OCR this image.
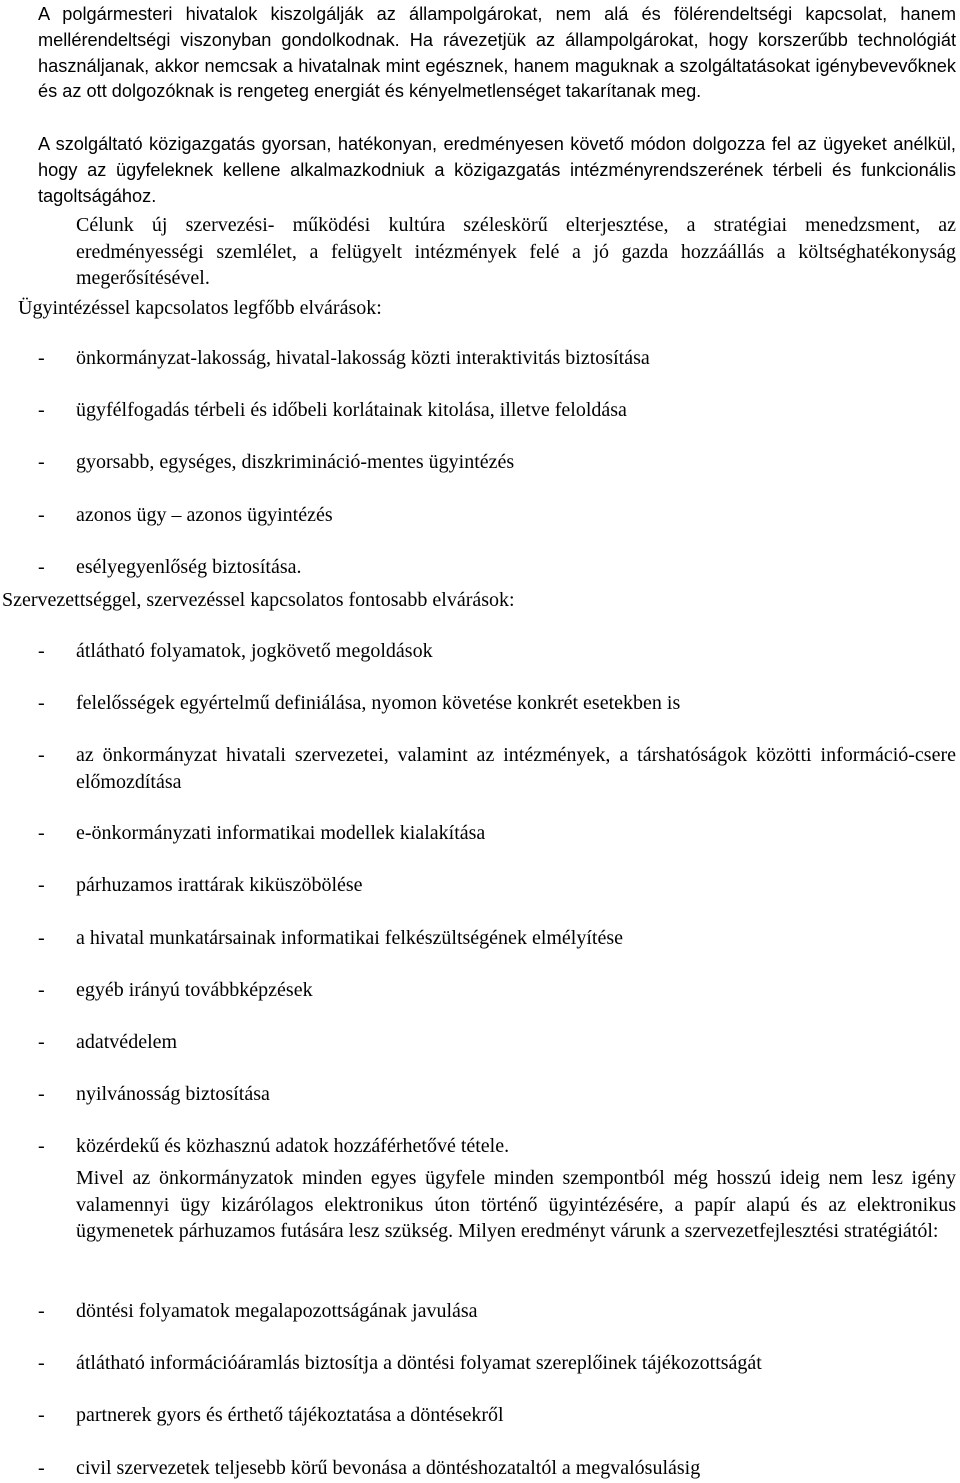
A polgármesteri hivatalok kiszolgálják az állampolgárokat, nem alá és fölérendeltségi kapcsolat, hanem mellérendeltségi viszonyban gondolkodnak. Ha rávezetjük az állampolgárokat, hogy korszerűbb technológiát használjanak, akkor nemcsak a hivatalnak mint egésznek, hanem maguknak a szolgáltatásokat igénybevevőknek és az ott dolgozóknak is rengeteg energiát és kényelmetlenséget takarítanak meg.
A szolgáltató közigazgatás gyorsan, hatékonyan, eredményesen követő módon dolgozza fel az ügyeket anélkül, hogy az ügyfeleknek kellene alkalmazkodniuk a közigazgatás intézményrendszerének térbeli és funkcionális tagoltságához.
Célunk új szervezési- működési kultúra széleskörű elterjesztése, a stratégiai menedzsment, az eredményességi szemlélet, a felügyelt intézmények felé a jó gazda hozzáállás a költséghatékonyság megerősítésével.
Ügyintézéssel kapcsolatos legfőbb elvárások:
- önkormányzat-lakosság, hivatal-lakosság közti interaktivitás biztosítása
- ügyfélfogadás térbeli és időbeli korlátainak kitolása, illetve feloldása
- gyorsabb, egységes, diszkrimináció-mentes ügyintézés
- azonos ügy – azonos ügyintézés
- esélyegyenlőség biztosítása.
Szervezettséggel, szervezéssel kapcsolatos fontosabb elvárások:
- átlátható folyamatok, jogkövető megoldások
- felelősségek egyértelmű definiálása, nyomon követése konkrét esetekben is
- az önkormányzat hivatali szervezetei, valamint az intézmények, a társhatóságok közötti információ-csere előmozdítása
- e-önkormányzati informatikai modellek kialakítása
- párhuzamos irattárak kiküszöbölése
- a hivatal munkatársainak informatikai felkészültségének elmélyítése
- egyéb irányú továbbképzések
- adatvédelem
- nyilvánosság biztosítása
- közérdekű és közhasznú adatok hozzáférhetővé tétele.
Mivel az önkormányzatok minden egyes ügyfele minden szempontból még hosszú ideig nem lesz igény valamennyi ügy kizárólagos elektronikus úton történő ügyintézésére, a papír alapú és az elektronikus ügymenetek párhuzamos futására lesz szükség. Milyen eredményt várunk a szervezetfejlesztési stratégiától:
- döntési folyamatok megalapozottságának javulása
- átlátható információáramlás biztosítja a döntési folyamat szereplőinek tájékozottságát
- partnerek gyors és érthető tájékoztatása a döntésekről
- civil szervezetek teljesebb körű bevonása a döntéshozataltól a megvalósulásig
